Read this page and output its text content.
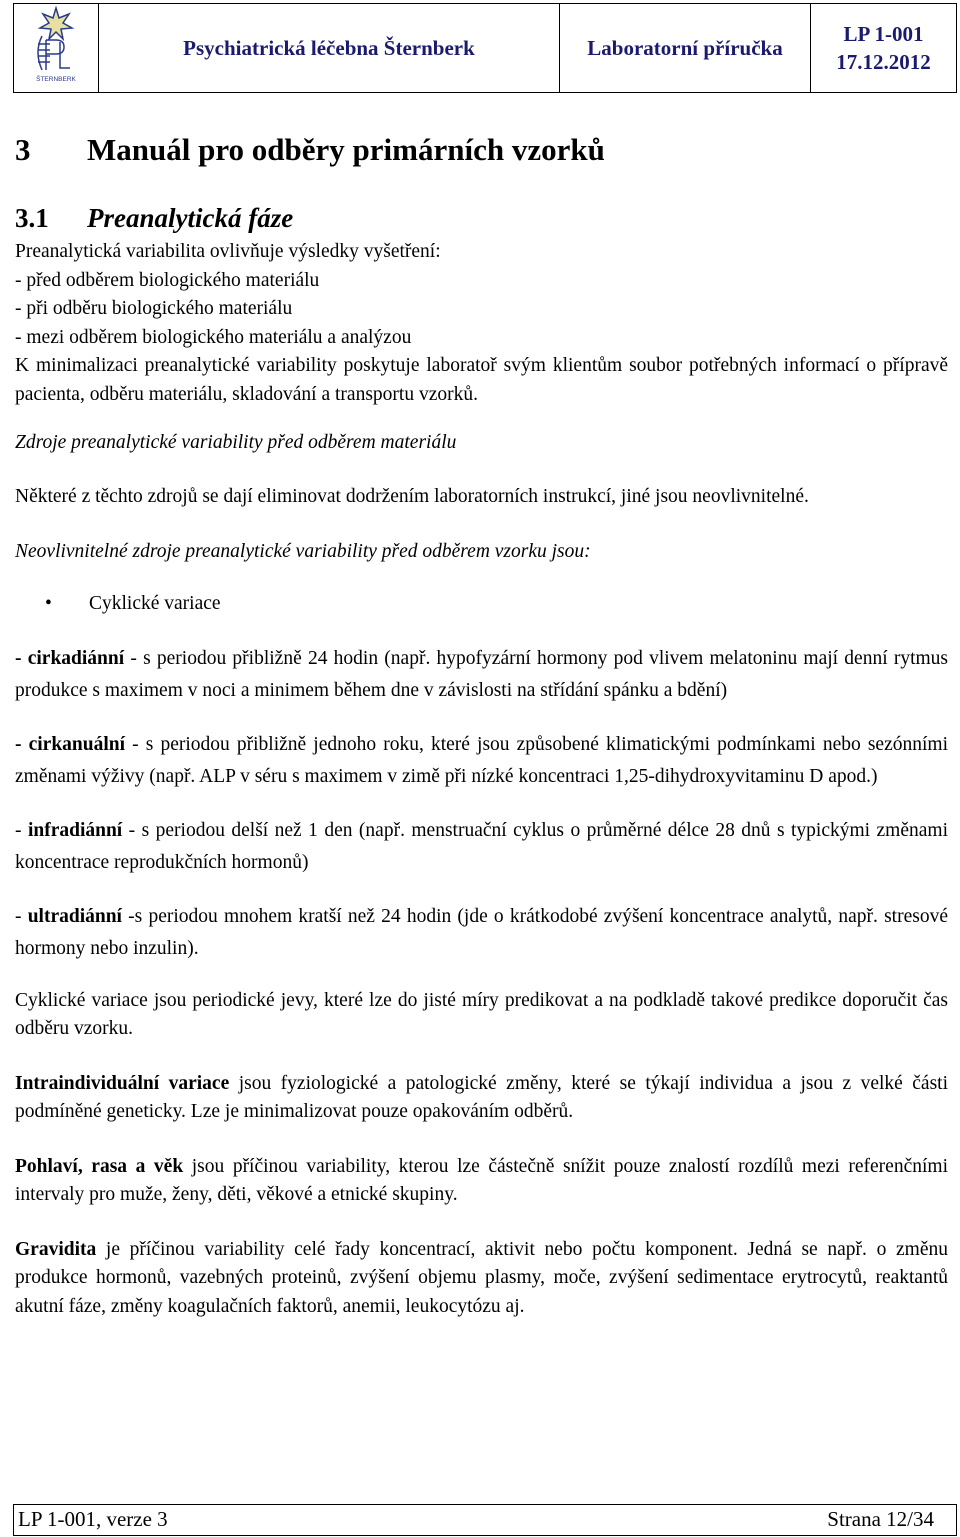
ŠTERNBERK
	Psychiatrická léčebna Šternberk	Laboratorní příručka	
LP 1-001
17.12.2012
3 Manuál pro odběry primárních vzorků
3.1 Preanalytická fáze

Preanalytická variabilita ovlivňuje výsledky vyšetření:

- před odběrem biologického materiálu

- při odběru biologického materiálu

- mezi odběrem biologického materiálu a analýzou

K minimalizaci preanalytické variability poskytuje laboratoř svým klientům soubor potřebných informací o přípravě pacienta, odběru materiálu, skladování a transportu vzorků.

Zdroje preanalytické variability před odběrem materiálu

Některé z těchto zdrojů se dají eliminovat dodržením laboratorních instrukcí, jiné jsou neovlivnitelné.

Neovlivnitelné zdroje preanalytické variability před odběrem vzorku jsou:

• Cyklické variace

- cirkadiánní - s periodou přibližně 24 hodin (např. hypofyzární hormony pod vlivem melatoninu mají denní rytmus produkce s maximem v noci a minimem během dne v závislosti na střídání spánku a bdění)

- cirkanuální - s periodou přibližně jednoho roku, které jsou způsobené klimatickými podmínkami nebo sezónními změnami výživy (např. ALP v séru s maximem v zimě při nízké koncentraci 1,25-dihydroxyvitaminu D apod.)

- infradiánní - s periodou delší než 1 den (např. menstruační cyklus o průměrné délce 28 dnů s typickými změnami koncentrace reprodukčních hormonů)

- ultradiánní -s periodou mnohem kratší než 24 hodin (jde o krátkodobé zvýšení koncentrace analytů, např. stresové hormony nebo inzulin).

Cyklické variace jsou periodické jevy, které lze do jisté míry predikovat a na podkladě takové predikce doporučit čas odběru vzorku.

Intraindividuální variace jsou fyziologické a patologické změny, které se týkají individua a jsou z velké části podmíněné geneticky. Lze je minimalizovat pouze opakováním odběrů.

Pohlaví, rasa a věk jsou příčinou variability, kterou lze částečně snížit pouze znalostí rozdílů mezi referenčními intervaly pro muže, ženy, děti, věkové a etnické skupiny.

Gravidita je příčinou variability celé řady koncentrací, aktivit nebo počtu komponent. Jedná se např. o změnu produkce hormonů, vazebných proteinů, zvýšení objemu plasmy, moče, zvýšení sedimentace erytrocytů, reaktantů akutní fáze, změny koagulačních faktorů, anemii, leukocytózu aj.

LP 1-001, verze 3	Strana 12/34
